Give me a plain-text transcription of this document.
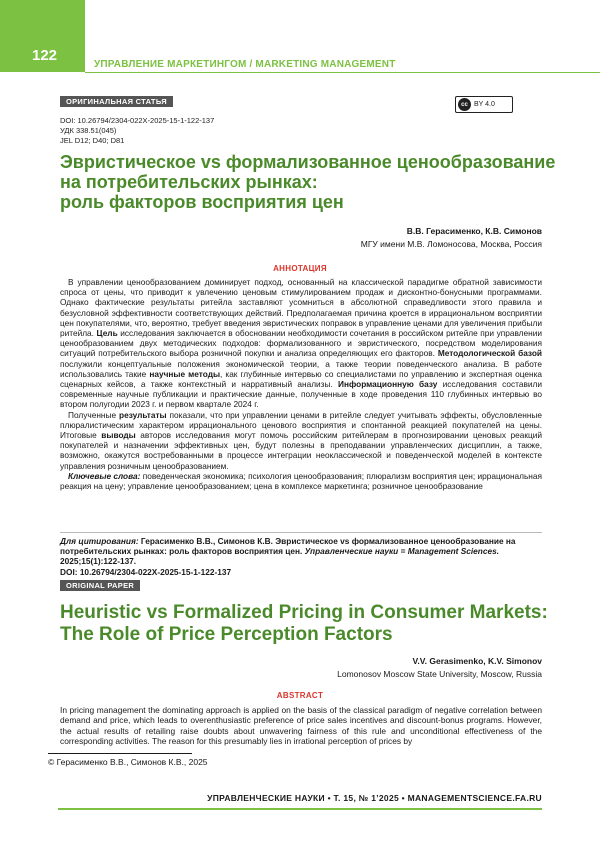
122
УПРАВЛЕНИЕ МАРКЕТИНГОМ / MARKETING MANAGEMENT
ОРИГИНАЛЬНАЯ СТАТЬЯ
DOI: 10.26794/2304-022X-2025-15-1-122-137
УДК 338.51(045)
JEL D12; D40; D81
cc BY 4.0
Эвристическое vs формализованное ценообразование
на потребительских рынках:
роль факторов восприятия цен
В.В. Герасименко, К.В. Симонов
МГУ имени М.В. Ломоносова, Москва, Россия
АННОТАЦИЯ

В управлении ценообразованием доминирует подход, основанный на классической парадигме обратной зависимости спроса от цены, что приводит к увлечению ценовым стимулированием продаж и дисконтно-бонусными программами. Однако фактические результаты ритейла заставляют усомниться в абсолютной справедливости этого правила и безусловной эффективности соответствующих действий. Предполагаемая причина кроется в иррациональном восприятии цен покупателями, что, вероятно, требует введения эвристических поправок в управление ценами для увеличения прибыли ритейла. Цель исследования заключается в обосновании необходимости сочетания в российском ритейле при управлении ценообразованием двух методических подходов: формализованного и эвристического, посредством моделирования ситуаций потребительского выбора розничной покупки и анализа определяющих его факторов. Методологической базой послужили концептуальные положения экономической теории, а также теории поведенческого анализа. В работе использовались такие научные методы, как глубинные интервью со специалистами по управлению и экспертная оценка сценарных кейсов, а также контекстный и нарративный анализы. Информационную базу исследования составили современные научные публикации и практические данные, полученные в ходе проведения 110 глубинных интервью во втором полугодии 2023 г. и первом квартале 2024 г.

Полученные результаты показали, что при управлении ценами в ритейле следует учитывать эффекты, обусловленные плюралистическим характером иррационального ценового восприятия и спонтанной реакцией покупателей на цены. Итоговые выводы авторов исследования могут помочь российским ритейлерам в прогнозировании ценовых реакций покупателей и назначении эффективных цен, будут полезны в преподавании управленческих дисциплин, а также, возможно, окажутся востребованными в процессе интеграции неоклассической и поведенческой моделей в контексте управления розничным ценообразованием.

Ключевые слова: поведенческая экономика; психология ценообразования; плюрализм восприятия цен; иррациональная реакция на цену; управление ценообразованием; цена в комплексе маркетинга; розничное ценообразование

Для цитирования: Герасименко В.В., Симонов К.В. Эвристическое vs формализованное ценообразование на потребительских рынках: роль факторов восприятия цен. Управленческие науки = Management Sciences. 2025;15(1):122-137.
DOI: 10.26794/2304-022X-2025-15-1-122-137
ORIGINAL PAPER
Heuristic vs Formalized Pricing in Consumer Markets:
The Role of Price Perception Factors
V.V. Gerasimenko, K.V. Simonov
Lomonosov Moscow State University, Moscow, Russia
ABSTRACT
In pricing management the dominating approach is applied on the basis of the classical paradigm of negative correlation between demand and price, which leads to overenthusiastic preference of price sales incentives and discount-bonus programs. However, the actual results of retailing raise doubts about unwavering fairness of this rule and unconditional effectiveness of the corresponding activities. The reason for this presumably lies in irrational perception of prices by
© Герасименко В.В., Симонов К.В., 2025
УПРАВЛЕНЧЕСКИЕ НАУКИ • Т. 15, № 1’2025 • MANAGEMENTSCIENCE.FA.RU
